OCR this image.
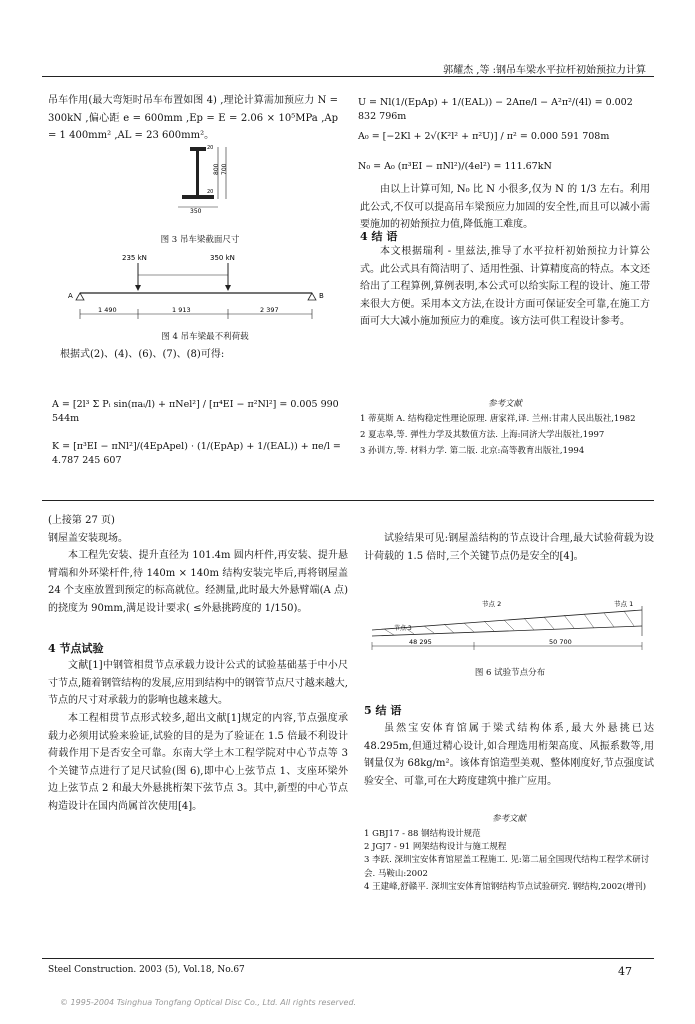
郭耀杰 ,等 :钢吊车梁水平拉杆初始预拉力计算
吊车作用(最大弯矩时吊车布置如图 4) ,理论计算需加预应力 N = 300kN ,偏心距 e = 600mm ,Ep = E = 2.06 × 10⁵MPa ,Ap = 1 400mm² ,AL = 23 600mm²。
800 700
20
20
350
图 3 吊车梁截面尺寸
235 kN	350 kN
A	B
1 490	1 913	2 397
图 4 吊车梁最不利荷载
根据式(2)、(4)、(6)、(7)、(8)可得:
A = [2l³ Σ Pᵢ sin(πaᵢ/l) + πNel²] / [π⁴EI − π²Nl²] = 0.005 990 544m
K = [π³EI − πNl²]/(4EpApel) · (1/(EpAp) + 1/(EAL)) + πe/l = 4.787 245 607
U = Nl(1/(EpAp) + 1/(EAL)) − 2Aπe/l − A²π²/(4l) = 0.002 832 796m
A₀ = [−2Kl + 2√(K²l² + π²U)] / π² = 0.000 591 708m
N₀ = A₀ (π³EI − πNl²)/(4el²) = 111.67kN
由以上计算可知, N₀ 比 N 小很多,仅为 N 的 1/3 左右。利用此公式,不仅可以提高吊车梁预应力加固的安全性,而且可以减小需要施加的初始预拉力值,降低施工难度。
4 结 语
本文根据瑞利 - 里兹法,推导了水平拉杆初始预拉力计算公式。此公式具有简洁明了、适用性强、计算精度高的特点。本文还给出了工程算例,算例表明,本公式可以给实际工程的设计、施工带来很大方便。采用本文方法,在设计方面可保证安全可靠,在施工方面可大大减小施加预应力的难度。该方法可供工程设计参考。
参考文献
1 蒂莫斯 A. 结构稳定性理论原理. 唐家祥,译. 兰州:甘肃人民出版社,1982
2 夏志皋,等. 弹性力学及其数值方法. 上海:同济大学出版社,1997
3 孙训方,等. 材料力学. 第二版. 北京:高等教育出版社,1994
(上接第 27 页)
钢屋盖安装现场。
本工程先安装、提升直径为 101.4m 圆内杆件,再安装、提升悬臂端和外环梁杆件,待 140m × 140m 结构安装完毕后,再将钢屋盖 24 个支座放置到预定的标高就位。经测量,此时最大外悬臂端(A 点)的挠度为 90mm,满足设计要求( ≤外悬挑跨度的 1/150)。
4 节点试验
文献[1]中钢管相贯节点承载力设计公式的试验基础基于中小尺寸节点,随着钢管结构的发展,应用到结构中的钢管节点尺寸越来越大,节点的尺寸对承载力的影响也越来越大。
本工程相贯节点形式较多,超出文献[1]规定的内容,节点强度承载力必须用试验来验证,试验的目的是为了验证在 1.5 倍最不利设计荷载作用下是否安全可靠。东南大学土木工程学院对中心节点等 3 个关键节点进行了足尺试验(图 6),即中心上弦节点 1、支座环梁外边上弦节点 2 和最大外悬挑桁架下弦节点 3。其中,新型的中心节点构造设计在国内尚属首次使用[4]。
试验结果可见:钢屋盖结构的节点设计合理,最大试验荷载为设计荷载的 1.5 倍时,三个关键节点仍是安全的[4]。
节点 2	节点 1
节点 3
48 295	50 700
图 6 试验节点分布
5 结 语
虽然宝安体育馆属于梁式结构体系,最大外悬挑已达 48.295m,但通过精心设计,如合理选用桁架高度、风振系数等,用钢量仅为 68kg/m²。该体育馆造型美观、整体刚度好,节点强度试验安全、可靠,可在大跨度建筑中推广应用。
参考文献
1 GBJ17 - 88 钢结构设计规范
2 JGJ7 - 91 网架结构设计与施工规程
3 李跃. 深圳宝安体育馆屋盖工程施工. 见:第二届全国现代结构工程学术研讨会. 马鞍山:2002
4 王建峰,舒赣平. 深圳宝安体育馆钢结构节点试验研究. 钢结构,2002(增刊)
Steel Construction. 2003 (5), Vol.18, No.67	47
© 1995-2004 Tsinghua Tongfang Optical Disc Co., Ltd. All rights reserved.
